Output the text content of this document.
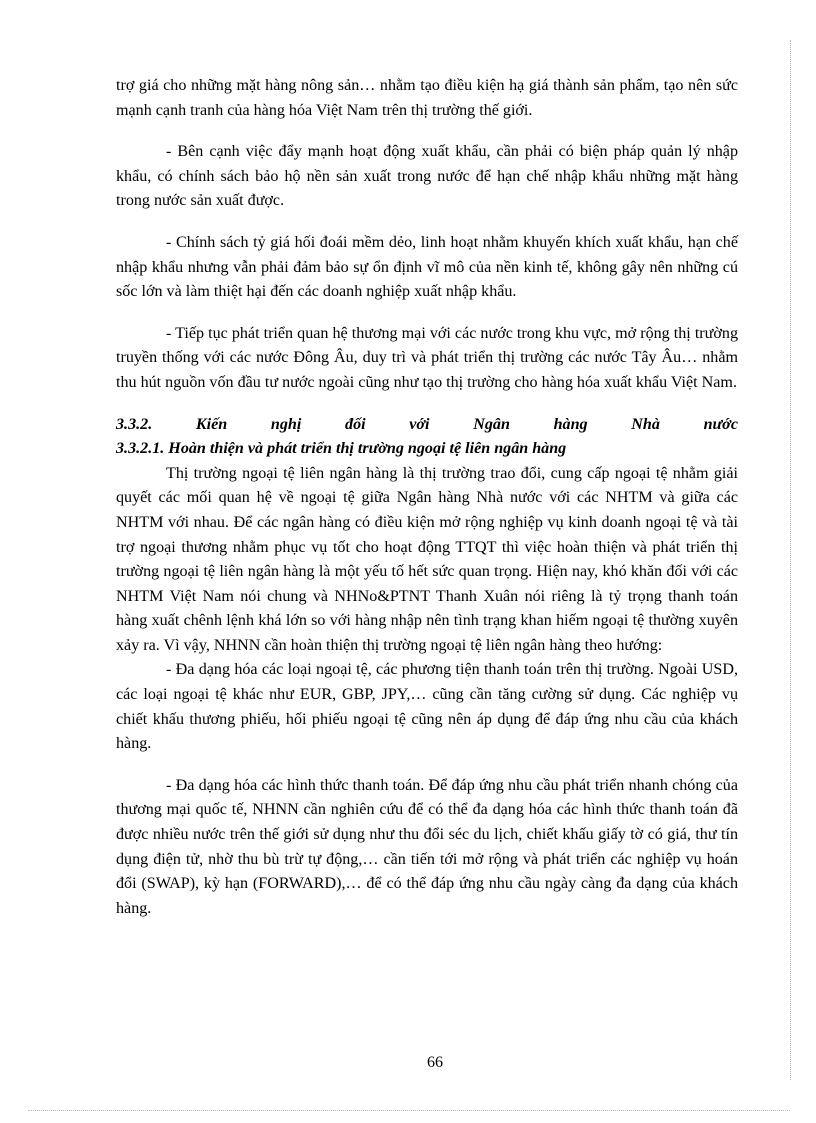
trợ giá cho những mặt hàng nông sản… nhằm tạo điều kiện hạ giá thành sản phẩm, tạo nên sức mạnh cạnh tranh của hàng hóa Việt Nam trên thị trường thế giới.

- Bên cạnh việc đẩy mạnh hoạt động xuất khẩu, cần phải có biện pháp quản lý nhập khẩu, có chính sách bảo hộ nền sản xuất trong nước để hạn chế nhập khẩu những mặt hàng trong nước sản xuất được.

- Chính sách tỷ giá hối đoái mềm dẻo, linh hoạt nhằm khuyến khích xuất khẩu, hạn chế nhập khẩu nhưng vẫn phải đảm bảo sự ổn định vĩ mô của nền kinh tế, không gây nên những cú sốc lớn và làm thiệt hại đến các doanh nghiệp xuất nhập khẩu.

- Tiếp tục phát triển quan hệ thương mại với các nước trong khu vực, mở rộng thị trường truyền thống với các nước Đông Âu, duy trì và phát triển thị trường các nước Tây Âu… nhằm thu hút nguồn vốn đầu tư nước ngoài cũng như tạo thị trường cho hàng hóa xuất khẩu Việt Nam.

3.3.2.	Kiến	nghị	đối	với	Ngân	hàng	Nhà	nước

3.3.2.1. Hoàn thiện và phát triển thị trường ngoại tệ liên ngân hàng

Thị trường ngoại tệ liên ngân hàng là thị trường trao đổi, cung cấp ngoại tệ nhằm giải quyết các mối quan hệ về ngoại tệ giữa Ngân hàng Nhà nước với các NHTM và giữa các NHTM với nhau. Để các ngân hàng có điều kiện mở rộng nghiệp vụ kinh doanh ngoại tệ và tài trợ ngoại thương nhằm phục vụ tốt cho hoạt động TTQT thì việc hoàn thiện và phát triển thị trường ngoại tệ liên ngân hàng là một yếu tố hết sức quan trọng. Hiện nay, khó khăn đối với các NHTM Việt Nam nói chung và NHNo&PTNT Thanh Xuân nói riêng là tỷ trọng thanh toán hàng xuất chênh lệnh khá lớn so với hàng nhập nên tình trạng khan hiếm ngoại tệ thường xuyên xảy ra. Vì vậy, NHNN cần hoàn thiện thị trường ngoại tệ liên ngân hàng theo hướng:

- Đa dạng hóa các loại ngoại tệ, các phương tiện thanh toán trên thị trường. Ngoài USD, các loại ngoại tệ khác như EUR, GBP, JPY,… cũng cần tăng cường sử dụng. Các nghiệp vụ chiết khấu thương phiếu, hối phiếu ngoại tệ cũng nên áp dụng để đáp ứng nhu cầu của khách hàng.

- Đa dạng hóa các hình thức thanh toán. Để đáp ứng nhu cầu phát triển nhanh chóng của thương mại quốc tế, NHNN cần nghiên cứu để có thể đa dạng hóa các hình thức thanh toán đã được nhiều nước trên thế giới sử dụng như thu đổi séc du lịch, chiết khấu giấy tờ có giá, thư tín dụng điện tử, nhờ thu bù trừ tự động,… cần tiến tới mở rộng và phát triển các nghiệp vụ hoán đổi (SWAP), kỳ hạn (FORWARD),… để có thể đáp ứng nhu cầu ngày càng đa dạng của khách hàng.

66
